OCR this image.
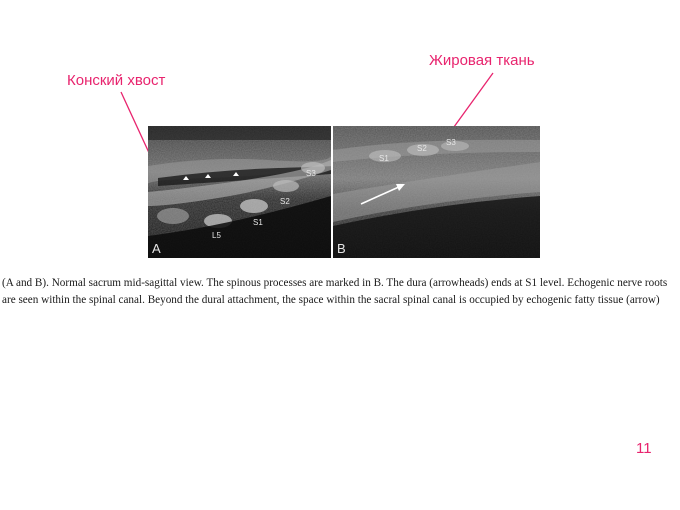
Конский хвост
Жировая ткань
S3
S2
S1
L5
A
S1
S2
S3
B
(A and B). Normal sacrum mid-sagittal view. The spinous processes are marked in B. The dura (arrowheads) ends at S1 level. Echogenic nerve roots are seen within the spinal canal. Beyond the dural attachment, the space within the sacral spinal canal is occupied by echogenic fatty tissue (arrow)
11
